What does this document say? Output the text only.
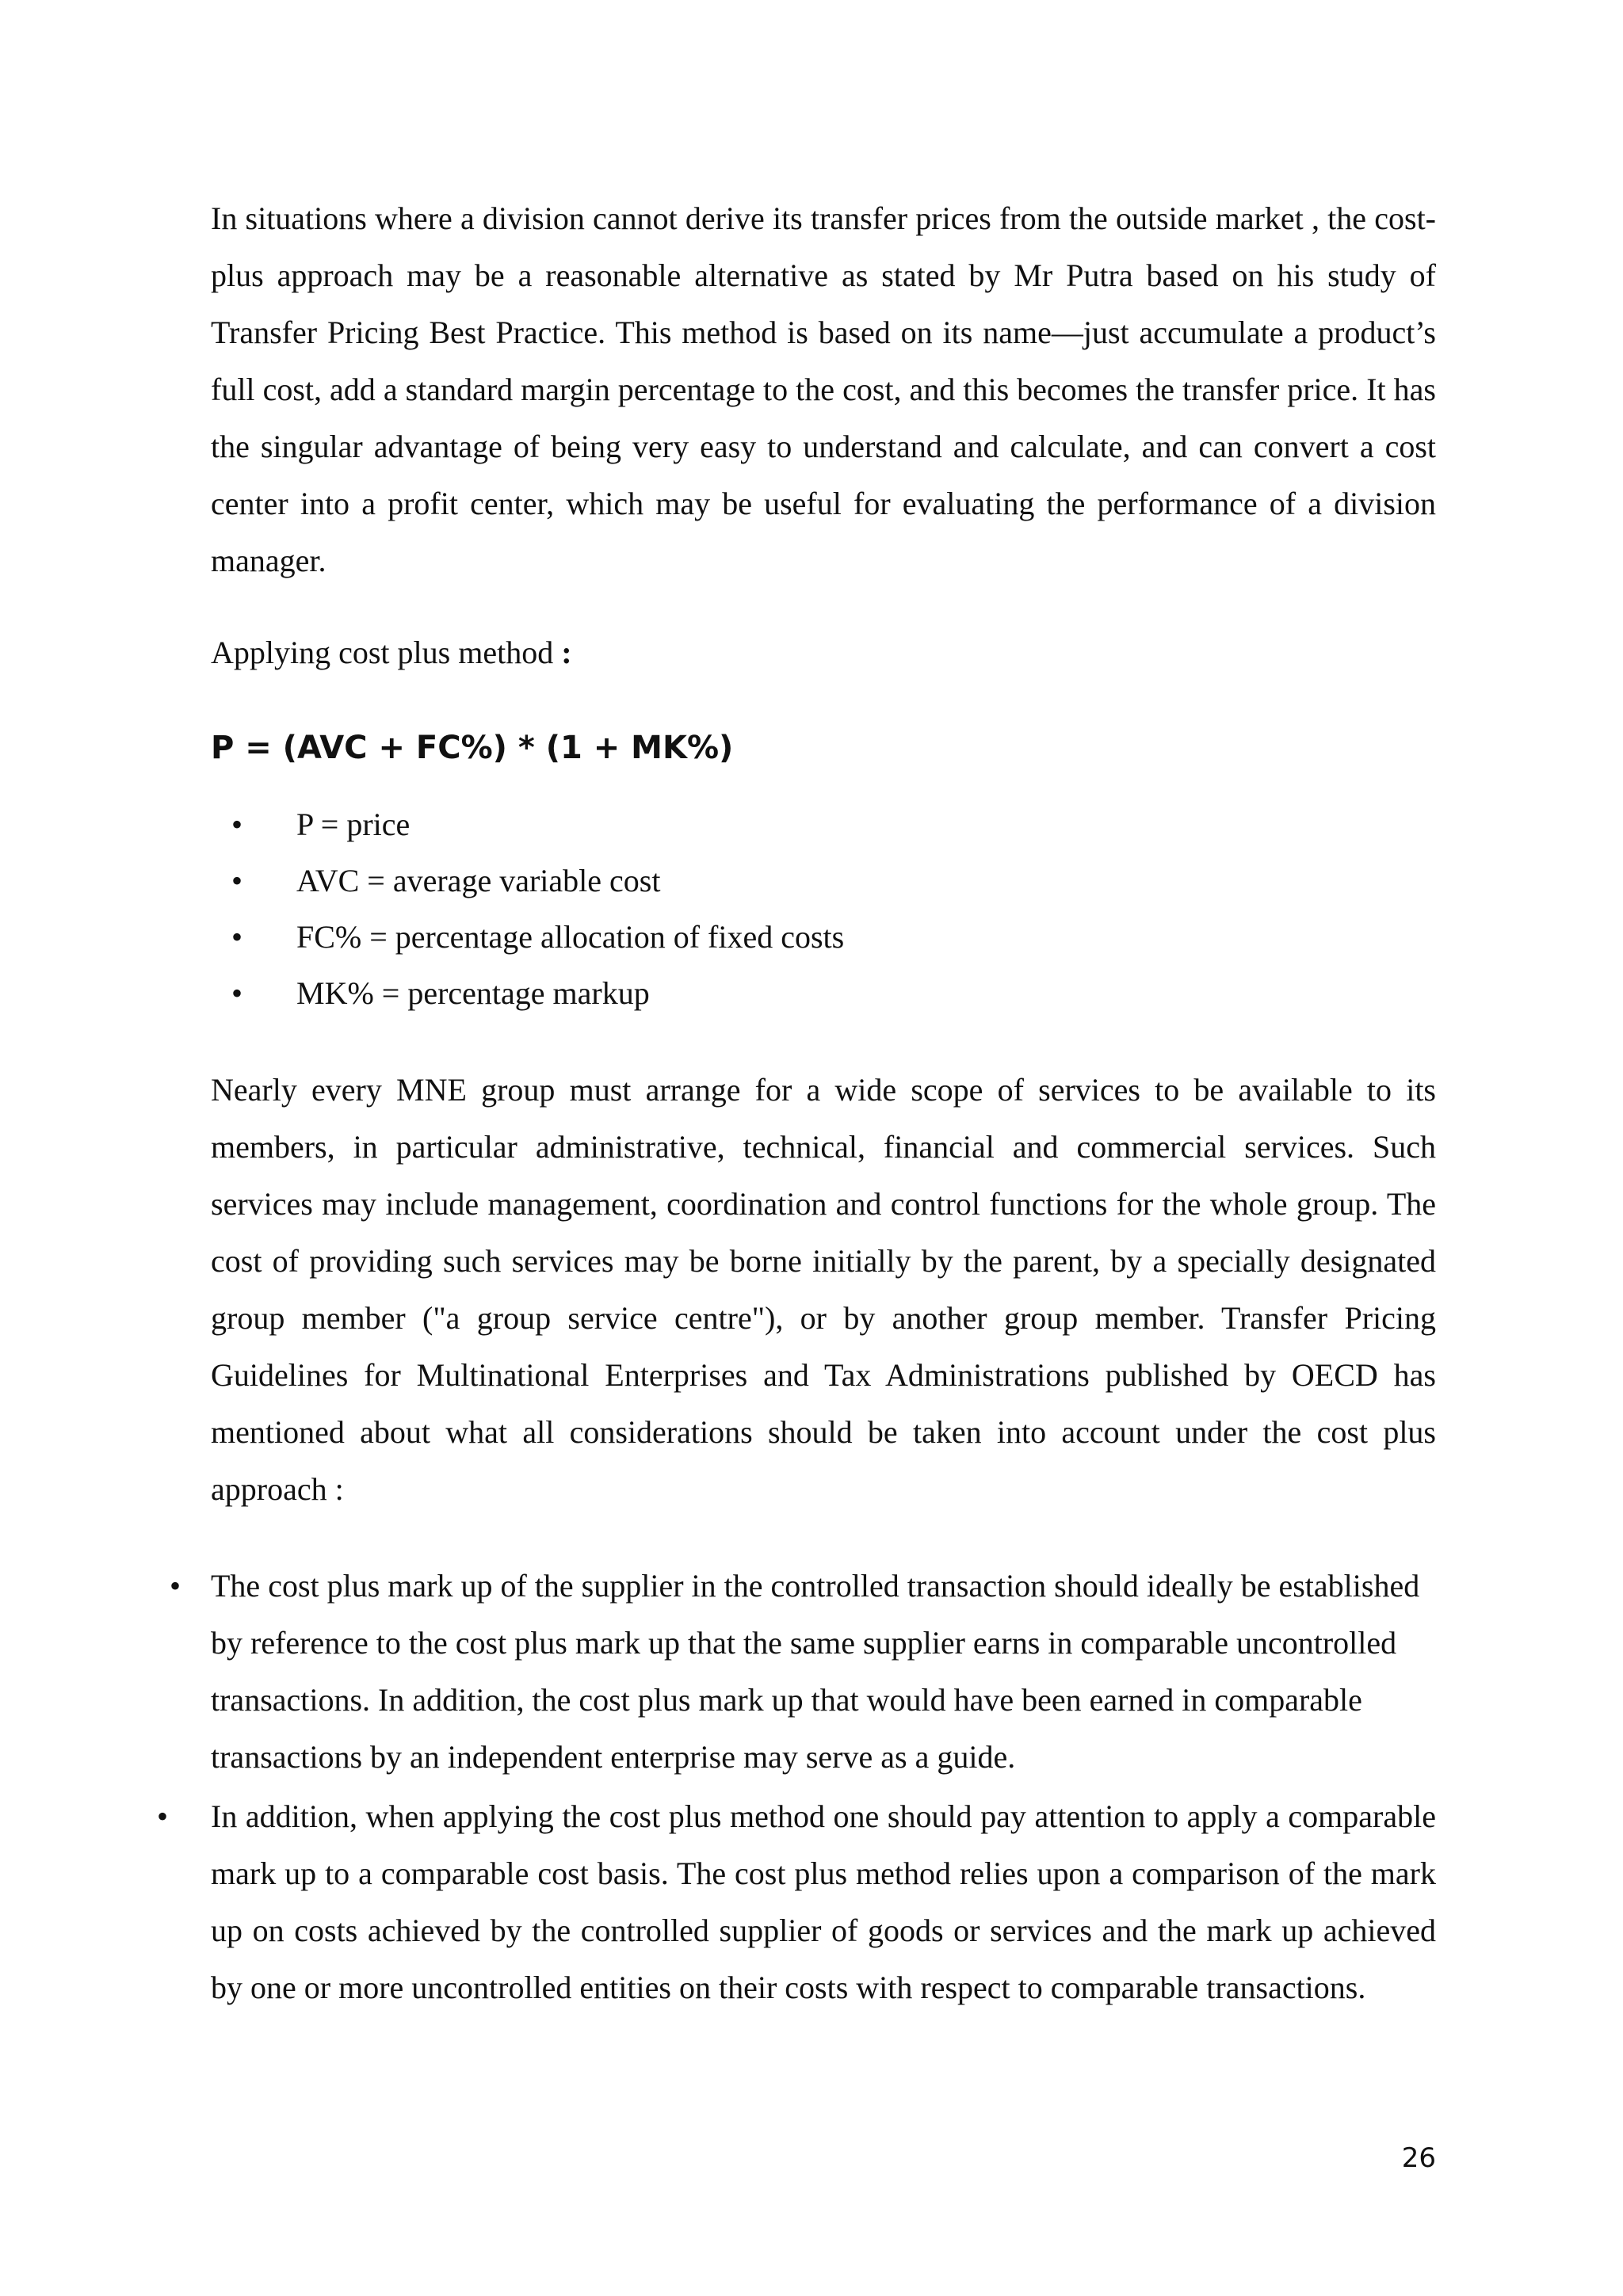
In situations where a division cannot derive its transfer prices from the outside market , the cost-plus approach may be a reasonable alternative as stated by Mr Putra based on his study of Transfer Pricing Best Practice. This method is based on its name—just accumulate a product’s full cost, add a standard margin percentage to the cost, and this becomes the transfer price. It has the singular advantage of being very easy to understand and calculate, and can convert a cost center into a profit center, which may be useful for evaluating the performance of a division manager.

Applying cost plus method :
P = (AVC + FC%) * (1 + MK%)
•	P = price
•	AVC = average variable cost
•	FC% = percentage allocation of fixed costs
•	MK% = percentage markup

Nearly every MNE group must arrange for a wide scope of services to be available to its members, in particular administrative, technical, financial and commercial services. Such services may include management, coordination and control functions for the whole group. The cost of providing such services may be borne initially by the parent, by a specially designated group member ("a group service centre"), or by another group member. Transfer Pricing Guidelines for Multinational Enterprises and Tax Administrations published by OECD has mentioned about what all considerations should be taken into account under the cost plus approach :

• The cost plus mark up of the supplier in the controlled transaction should ideally be established by reference to the cost plus mark up that the same supplier earns in comparable uncontrolled transactions. In addition, the cost plus mark up that would have been earned in comparable transactions by an independent enterprise may serve as a guide.
• In addition, when applying the cost plus method one should pay attention to apply a comparable mark up to a comparable cost basis. The cost plus method relies upon a comparison of the mark up on costs achieved by the controlled supplier of goods or services and the mark up achieved by one or more uncontrolled entities on their costs with respect to comparable transactions.
26
